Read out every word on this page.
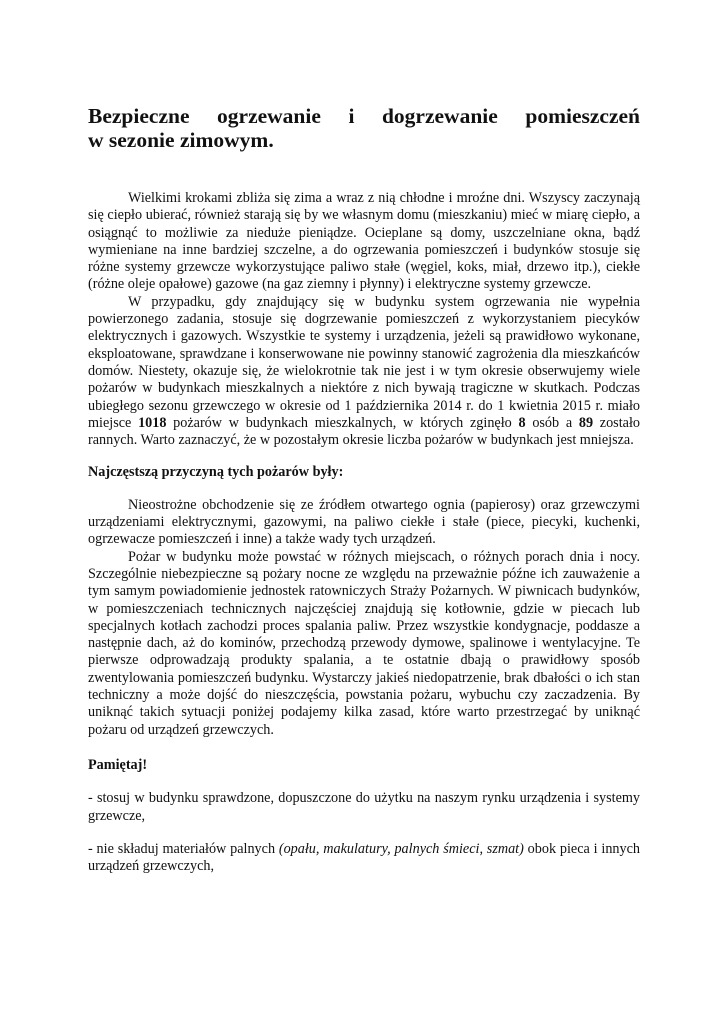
Bezpieczne ogrzewanie i dogrzewanie pomieszczeń
w sezonie zimowym.

Wielkimi krokami zbliża się zima a wraz z nią chłodne i mroźne dni. Wszyscy zaczynają się ciepło ubierać, również starają się by we własnym domu (mieszkaniu) mieć w miarę ciepło, a osiągnąć to możliwie za nieduże pieniądze. Ocieplane są domy, uszczelniane okna, bądź wymieniane na inne bardziej szczelne, a do ogrzewania pomieszczeń i budynków stosuje się różne systemy grzewcze wykorzystujące paliwo stałe (węgiel, koks, miał, drzewo itp.), ciekłe (różne oleje opałowe) gazowe (na gaz ziemny i płynny) i elektryczne systemy grzewcze.

W przypadku, gdy znajdujący się w budynku system ogrzewania nie wypełnia powierzonego zadania, stosuje się dogrzewanie pomieszczeń z wykorzystaniem piecyków elektrycznych i gazowych. Wszystkie te systemy i urządzenia, jeżeli są prawidłowo wykonane, eksploatowane, sprawdzane i konserwowane nie powinny stanowić zagrożenia dla mieszkańców domów. Niestety, okazuje się, że wielokrotnie tak nie jest i w tym okresie obserwujemy wiele pożarów w budynkach mieszkalnych a niektóre z nich bywają tragiczne w skutkach. Podczas ubiegłego sezonu grzewczego w okresie od 1 października 2014 r. do 1 kwietnia 2015 r. miało miejsce 1018 pożarów w budynkach mieszkalnych, w których zginęło 8 osób a 89 zostało rannych. Warto zaznaczyć, że w pozostałym okresie liczba pożarów w budynkach jest mniejsza.

Najczęstszą przyczyną tych pożarów były:

Nieostrożne obchodzenie się ze źródłem otwartego ognia (papierosy) oraz grzewczymi urządzeniami elektrycznymi, gazowymi, na paliwo ciekłe i stałe (piece, piecyki, kuchenki, ogrzewacze pomieszczeń i inne) a także wady tych urządzeń.

Pożar w budynku może powstać w różnych miejscach, o różnych porach dnia i nocy. Szczególnie niebezpieczne są pożary nocne ze względu na przeważnie późne ich zauważenie a tym samym powiadomienie jednostek ratowniczych Straży Pożarnych. W piwnicach budynków, w pomieszczeniach technicznych najczęściej znajdują się kotłownie, gdzie w piecach lub specjalnych kotłach zachodzi proces spalania paliw. Przez wszystkie kondygnacje, poddasze a następnie dach, aż do kominów, przechodzą przewody dymowe, spalinowe i wentylacyjne. Te pierwsze odprowadzają produkty spalania, a te ostatnie dbają o prawidłowy sposób zwentylowania pomieszczeń budynku. Wystarczy jakieś niedopatrzenie, brak dbałości o ich stan techniczny a może dojść do nieszczęścia, powstania pożaru, wybuchu czy zaczadzenia. By uniknąć takich sytuacji poniżej podajemy kilka zasad, które warto przestrzegać by uniknąć pożaru od urządzeń grzewczych.

Pamiętaj!

- stosuj w budynku sprawdzone, dopuszczone do użytku na naszym rynku urządzenia i systemy grzewcze,

- nie składuj materiałów palnych (opału, makulatury, palnych śmieci, szmat) obok pieca i innych urządzeń grzewczych,
